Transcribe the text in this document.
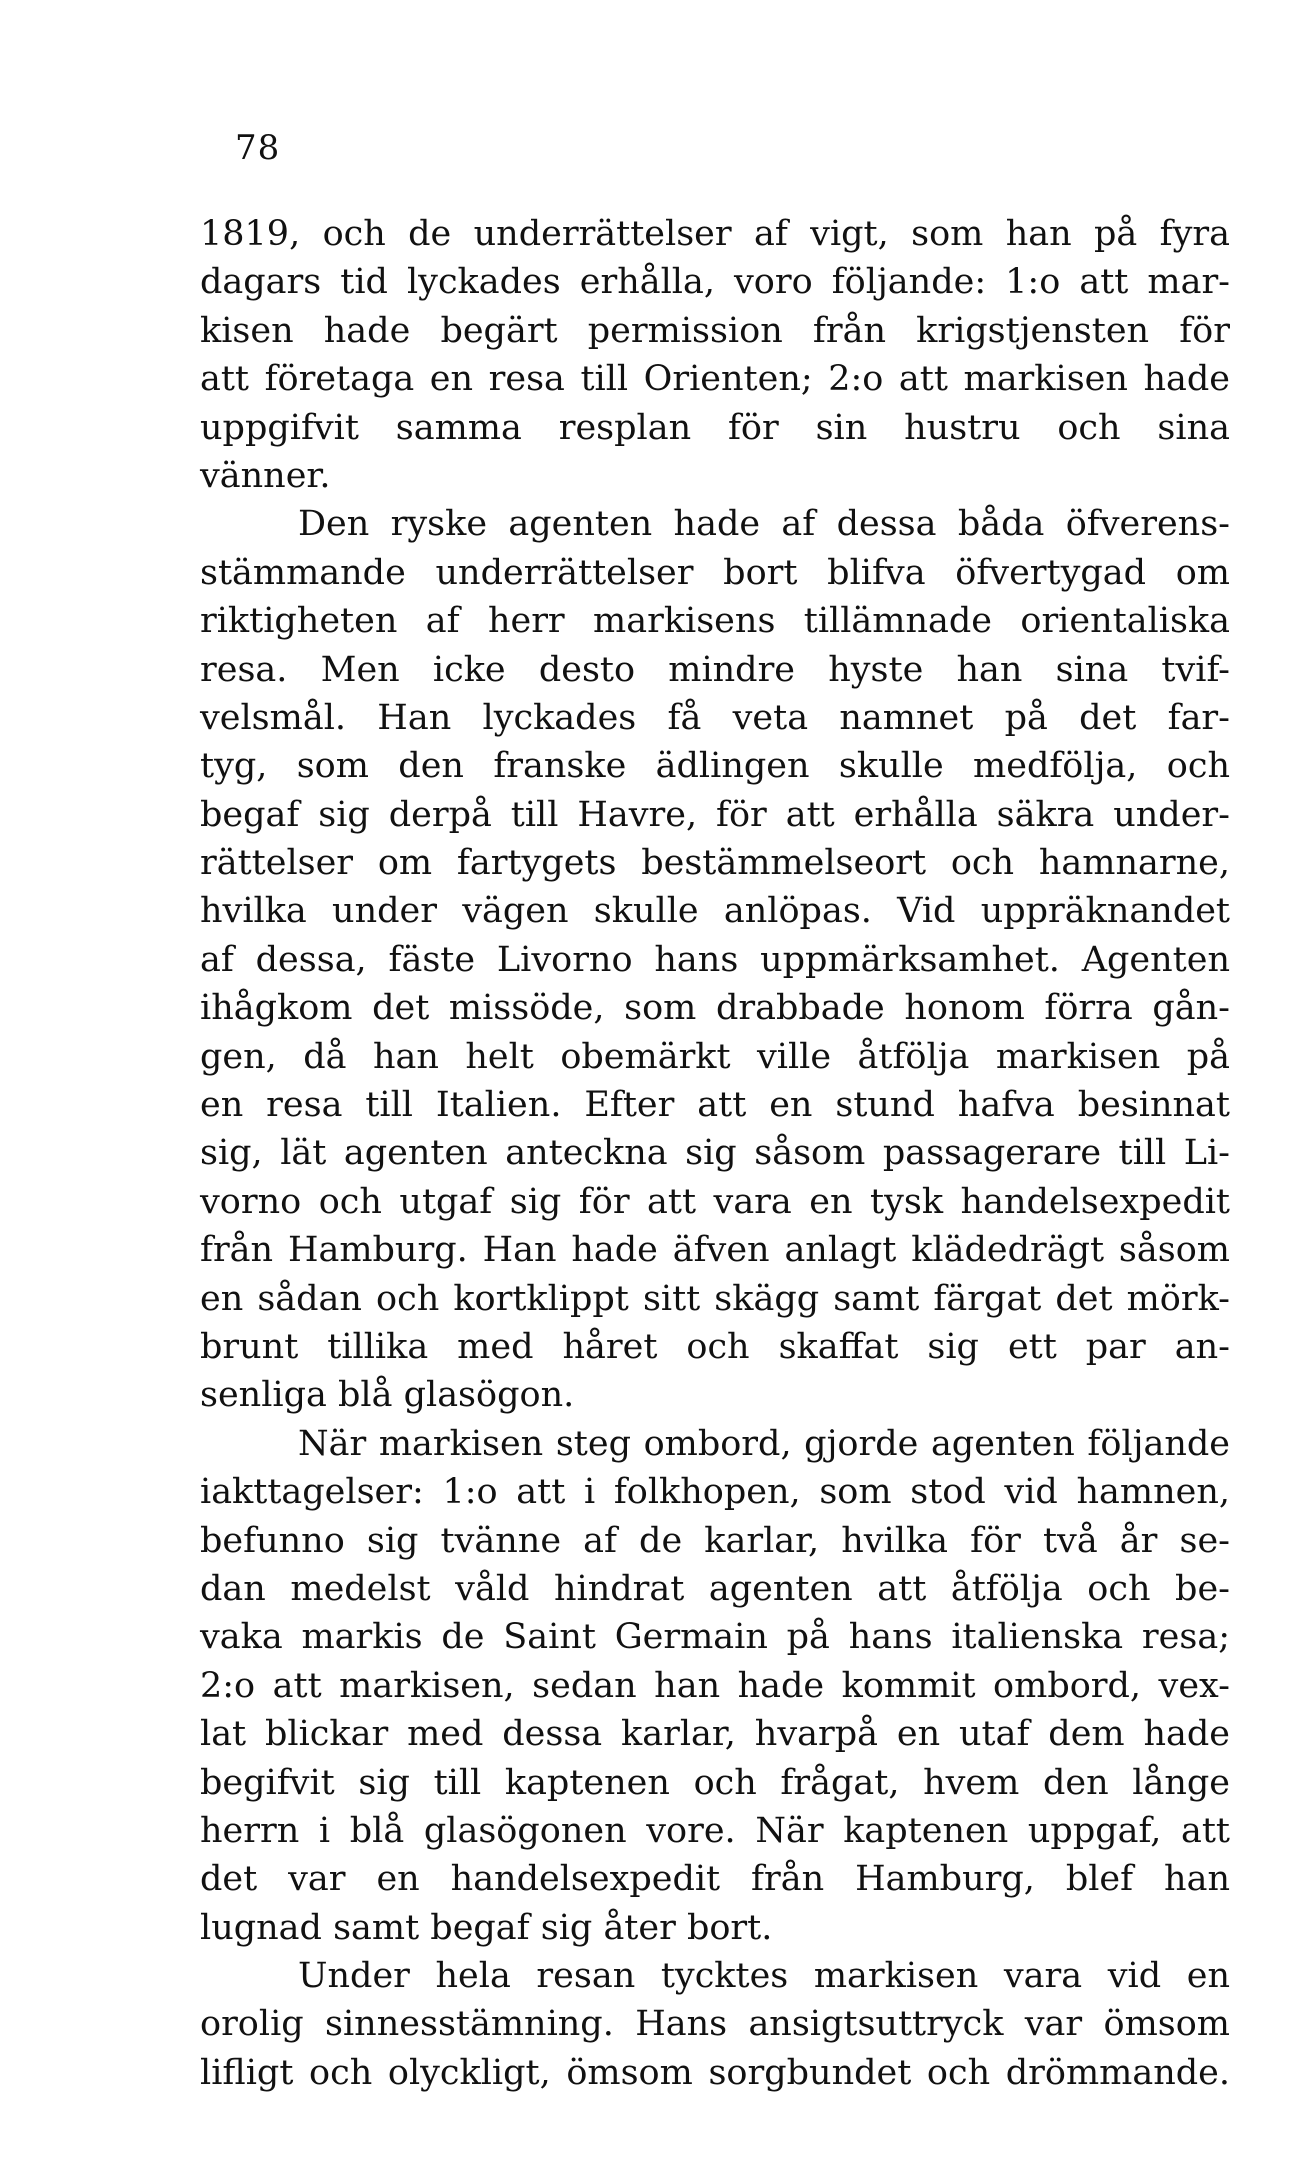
78
1819, och de underrättelser af vigt, som han på fyra
dagars tid lyckades erhålla, voro följande: 1:o att mar-
kisen hade begärt permission från krigstjensten för
att företaga en resa till Orienten; 2:o att markisen hade
uppgifvit samma resplan för sin hustru och sina
vänner.
Den ryske agenten hade af dessa båda öfverens-
stämmande underrättelser bort blifva öfvertygad om
riktigheten af herr markisens tillämnade orientaliska
resa. Men icke desto mindre hyste han sina tvif-
velsmål. Han lyckades få veta namnet på det far-
tyg, som den franske ädlingen skulle medfölja, och
begaf sig derpå till Havre, för att erhålla säkra under-
rättelser om fartygets bestämmelseort och hamnarne,
hvilka under vägen skulle anlöpas. Vid uppräknandet
af dessa, fäste Livorno hans uppmärksamhet. Agenten
ihågkom det missöde, som drabbade honom förra gån-
gen, då han helt obemärkt ville åtfölja markisen på
en resa till Italien. Efter att en stund hafva besinnat
sig, lät agenten anteckna sig såsom passagerare till Li-
vorno och utgaf sig för att vara en tysk handelsexpedit
från Hamburg. Han hade äfven anlagt klädedrägt såsom
en sådan och kortklippt sitt skägg samt färgat det mörk-
brunt tillika med håret och skaffat sig ett par an-
senliga blå glasögon.
När markisen steg ombord, gjorde agenten följande
iakttagelser: 1:o att i folkhopen, som stod vid hamnen,
befunno sig tvänne af de karlar, hvilka för två år se-
dan medelst våld hindrat agenten att åtfölja och be-
vaka markis de Saint Germain på hans italienska resa;
2:o att markisen, sedan han hade kommit ombord, vex-
lat blickar med dessa karlar, hvarpå en utaf dem hade
begifvit sig till kaptenen och frågat, hvem den långe
herrn i blå glasögonen vore. När kaptenen uppgaf, att
det var en handelsexpedit från Hamburg, blef han
lugnad samt begaf sig åter bort.
Under hela resan tycktes markisen vara vid en
orolig sinnesstämning. Hans ansigtsuttryck var ömsom
lifligt och olyckligt, ömsom sorgbundet och drömmande.
